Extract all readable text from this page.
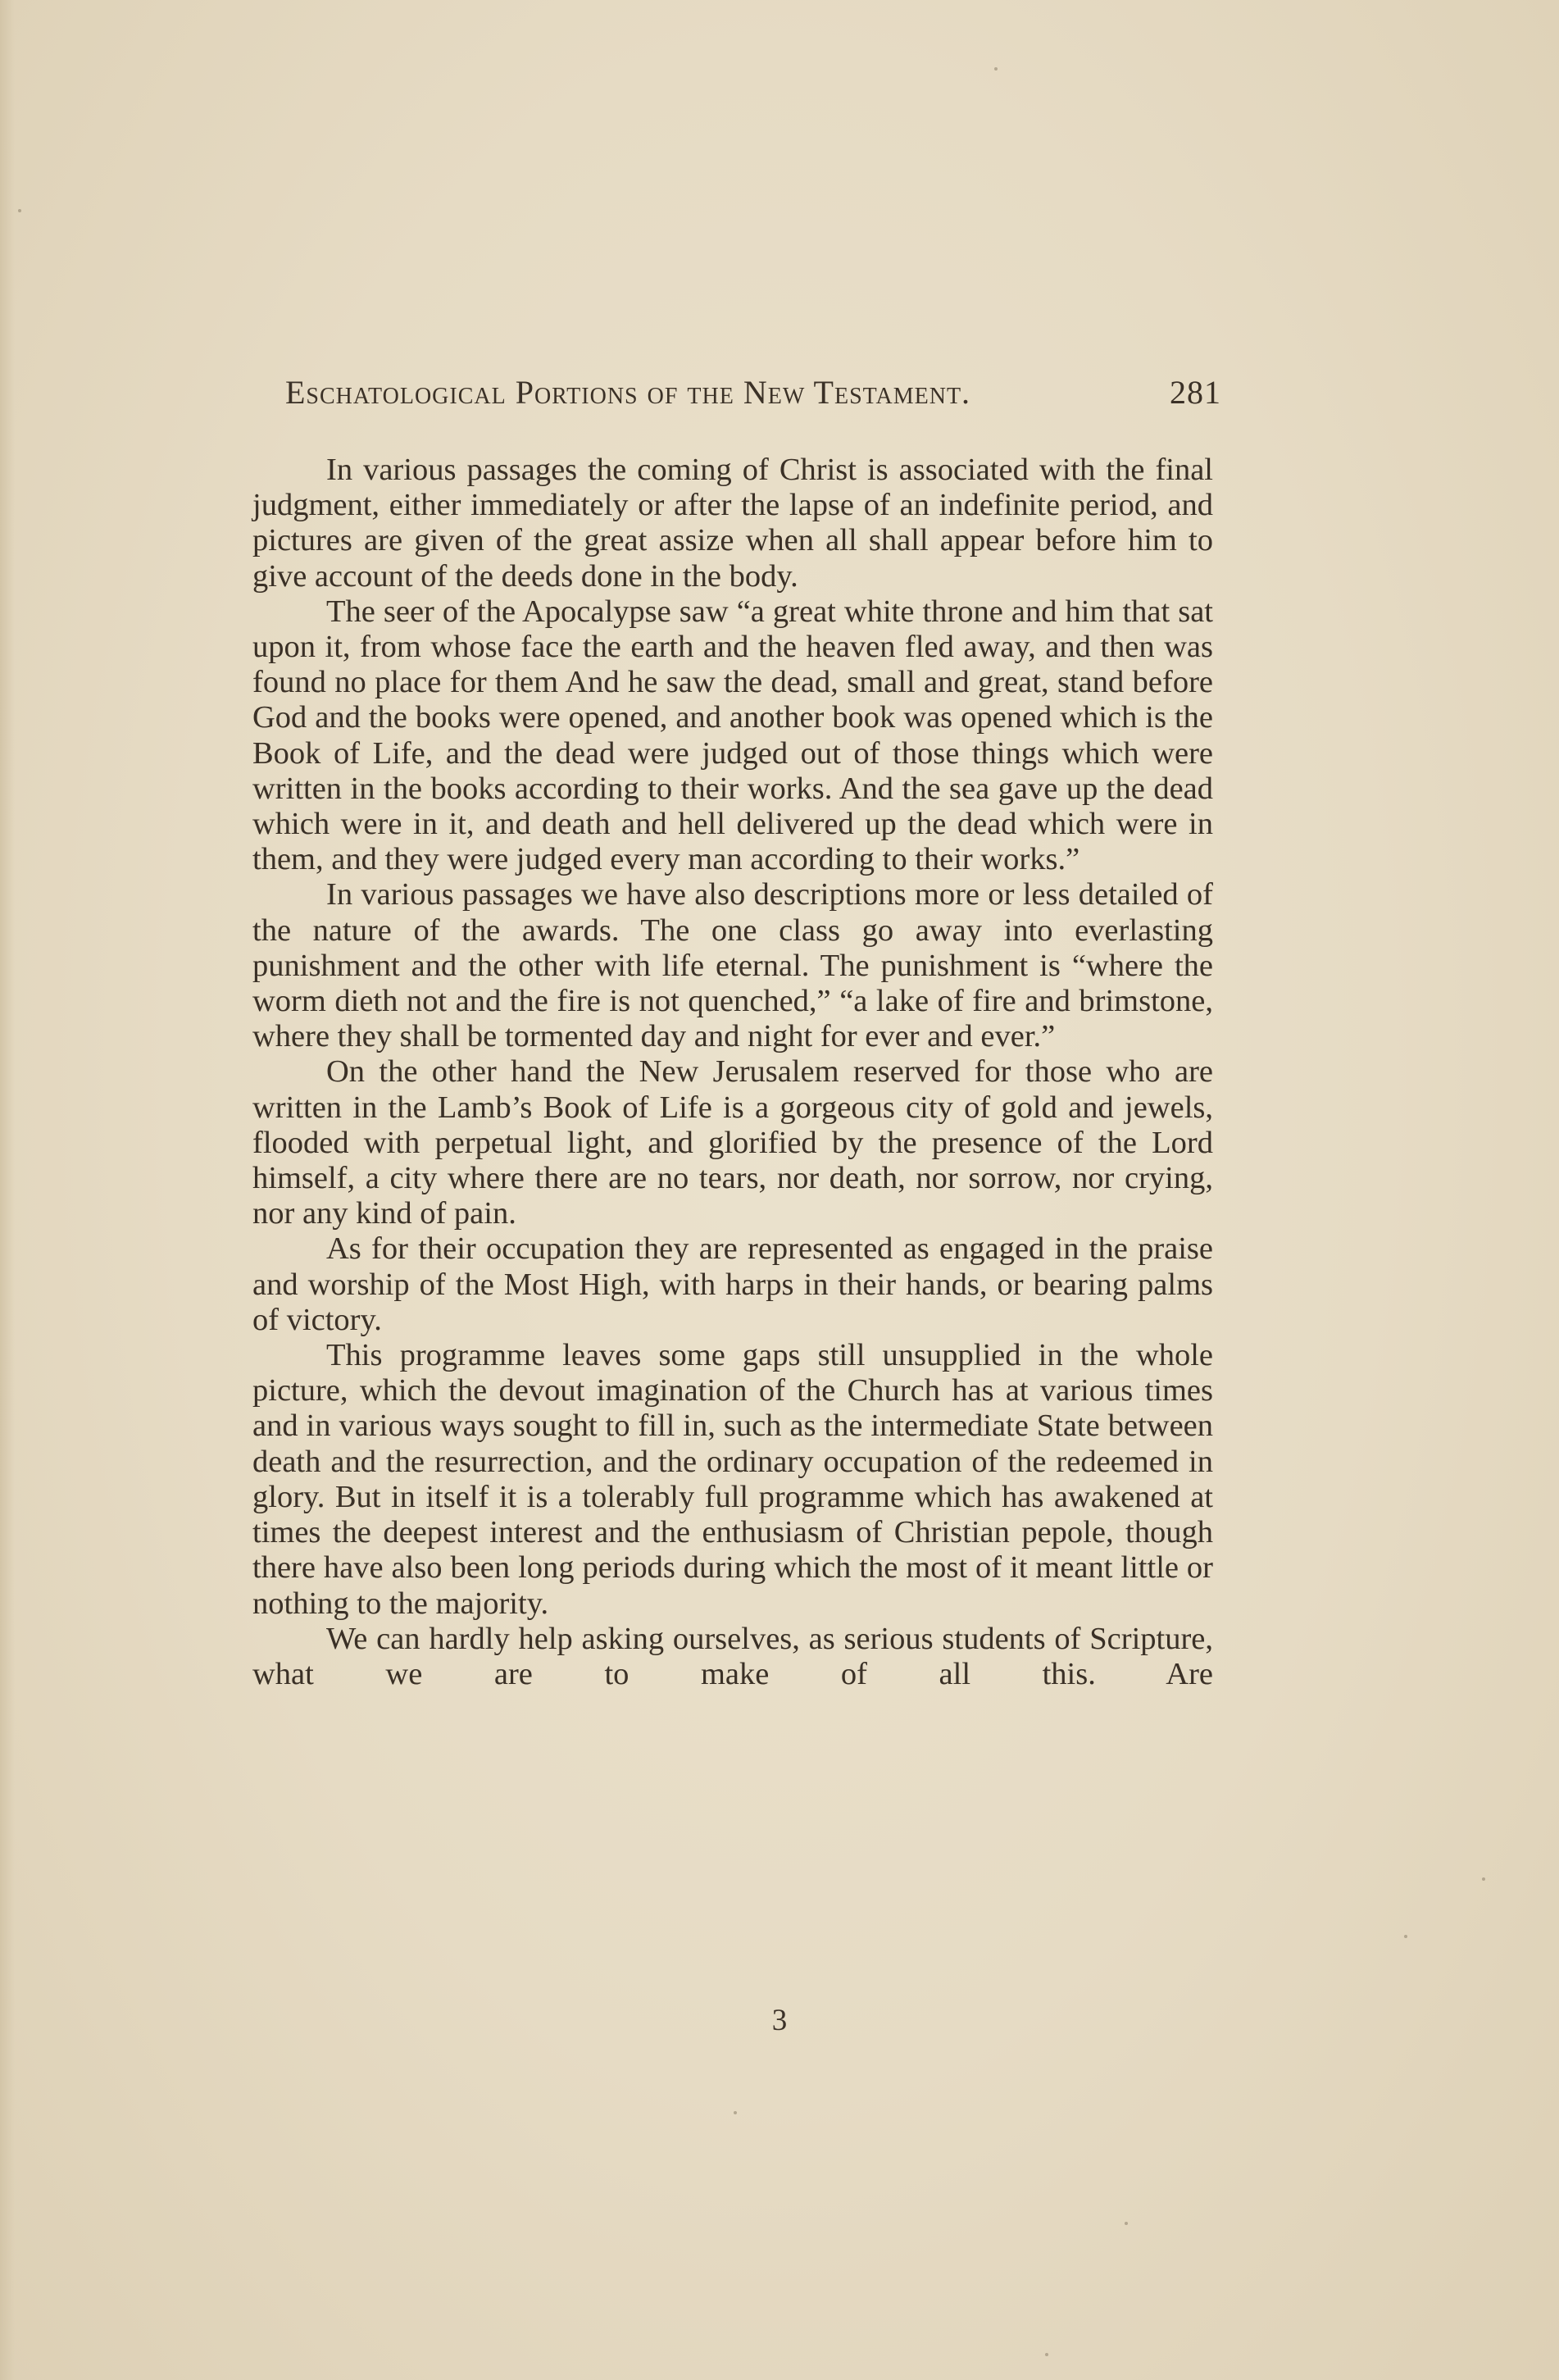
Eschatological Portions of the New Testament.	281

In various passages the coming of Christ is associated with the final judgment, either immediately or after the lapse of an indefinite period, and pictures are given of the great assize when all shall appear before him to give account of the deeds done in the body.

The seer of the Apocalypse saw “a great white throne and him that sat upon it, from whose face the earth and the heaven fled away, and then was found no place for them And he saw the dead, small and great, stand before God and the books were opened, and another book was opened which is the Book of Life, and the dead were judged out of those things which were written in the books according to their works. And the sea gave up the dead which were in it, and death and hell delivered up the dead which were in them, and they were judged every man according to their works.”

In various passages we have also descriptions more or less detailed of the nature of the awards. The one class go away into everlasting punishment and the other with life eternal. The punishment is “where the worm dieth not and the fire is not quenched,” “a lake of fire and brimstone, where they shall be tormented day and night for ever and ever.”

On the other hand the New Jerusalem reserved for those who are written in the Lamb’s Book of Life is a gorgeous city of gold and jewels, flooded with perpetual light, and glorified by the presence of the Lord himself, a city where there are no tears, nor death, nor sorrow, nor crying, nor any kind of pain.

As for their occupation they are represented as engaged in the praise and worship of the Most High, with harps in their hands, or bearing palms of victory.

This programme leaves some gaps still unsupplied in the whole picture, which the devout imagination of the Church has at various times and in various ways sought to fill in, such as the intermediate State between death and the resurrection, and the ordinary occupation of the redeemed in glory. But in itself it is a tolerably full programme which has awakened at times the deepest interest and the enthusiasm of Christian pepole, though there have also been long periods during which the most of it meant little or nothing to the majority.

We can hardly help asking ourselves, as serious students of Scripture, what we are to make of all this. Are

3
